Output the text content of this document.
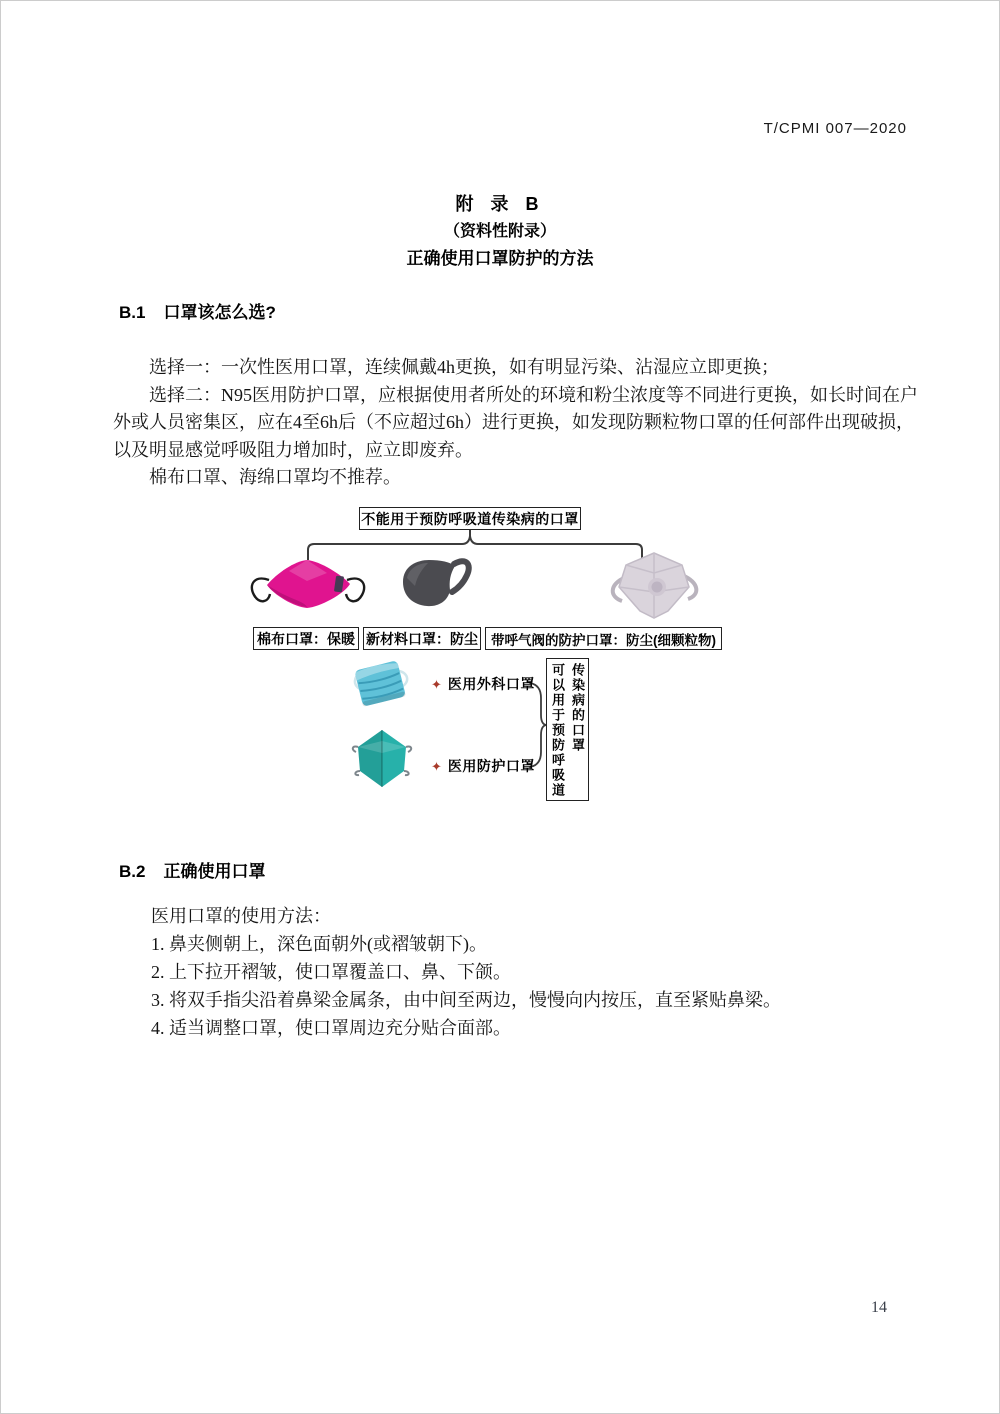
T/CPMI 007—2020
附 录 B
（资料性附录）
正确使用口罩防护的方法
B.1 口罩该怎么选?
选择一：一次性医用口罩，连续佩戴4h更换，如有明显污染、沾湿应立即更换；
选择二：N95医用防护口罩，应根据使用者所处的环境和粉尘浓度等不同进行更换，如长时间在户
外或人员密集区，应在4至6h后（不应超过6h）进行更换，如发现防颗粒物口罩的任何部件出现破损，
以及明显感觉呼吸阻力增加时，应立即废弃。
棉布口罩、海绵口罩均不推荐。
不能用于预防呼吸道传染病的口罩
棉布口罩：保暖 新材料口罩：防尘 带呼气阀的防护口罩：防尘(细颗粒物)
✦ 医用外科口罩
✦ 医用防护口罩 可以用于预防呼吸道 传染病的口罩
B.2 正确使用口罩
医用口罩的使用方法：
1. 鼻夹侧朝上，深色面朝外(或褶皱朝下)。
2. 上下拉开褶皱，使口罩覆盖口、鼻、下颌。
3. 将双手指尖沿着鼻梁金属条，由中间至两边，慢慢向内按压，直至紧贴鼻梁。
4. 适当调整口罩，使口罩周边充分贴合面部。
14
